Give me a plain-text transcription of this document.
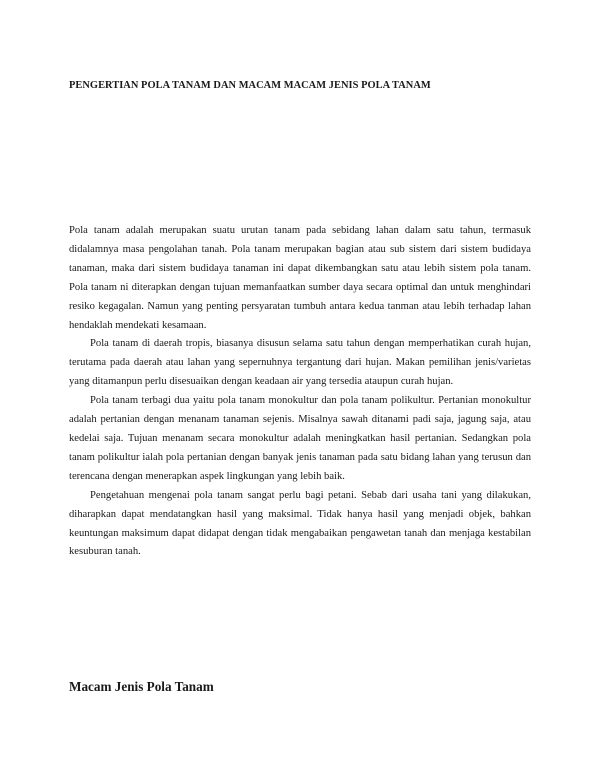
PENGERTIAN POLA TANAM DAN MACAM MACAM JENIS POLA TANAM

Pola tanam adalah merupakan suatu urutan tanam pada sebidang lahan dalam satu tahun, termasuk didalamnya masa pengolahan tanah. Pola tanam merupakan bagian atau sub sistem dari sistem budidaya tanaman, maka dari sistem budidaya tanaman ini dapat dikembangkan satu atau lebih sistem pola tanam. Pola tanam ni diterapkan dengan tujuan memanfaatkan sumber daya secara optimal dan untuk menghindari resiko kegagalan. Namun yang penting persyaratan tumbuh antara kedua tanman atau lebih terhadap lahan hendaklah mendekati kesamaan.

Pola tanam di daerah tropis, biasanya disusun selama satu tahun dengan memperhatikan curah hujan, terutama pada daerah atau lahan yang sepernuhnya tergantung dari hujan. Makan pemilihan jenis/varietas yang ditamanpun perlu disesuaikan dengan keadaan air yang tersedia ataupun curah hujan.

Pola tanam terbagi dua yaitu pola tanam monokultur dan pola tanam polikultur. Pertanian monokultur adalah pertanian dengan menanam tanaman sejenis. Misalnya sawah ditanami padi saja, jagung saja, atau kedelai saja. Tujuan menanam secara monokultur adalah meningkatkan hasil pertanian. Sedangkan pola tanam polikultur ialah pola pertanian dengan banyak jenis tanaman pada satu bidang lahan yang terusun dan terencana dengan menerapkan aspek lingkungan yang lebih baik.

Pengetahuan mengenai pola tanam sangat perlu bagi petani. Sebab dari usaha tani yang dilakukan, diharapkan dapat mendatangkan hasil yang maksimal. Tidak hanya hasil yang menjadi objek, bahkan keuntungan maksimum dapat didapat dengan tidak mengabaikan pengawetan tanah dan menjaga kestabilan kesuburan tanah.

Macam Jenis Pola Tanam
